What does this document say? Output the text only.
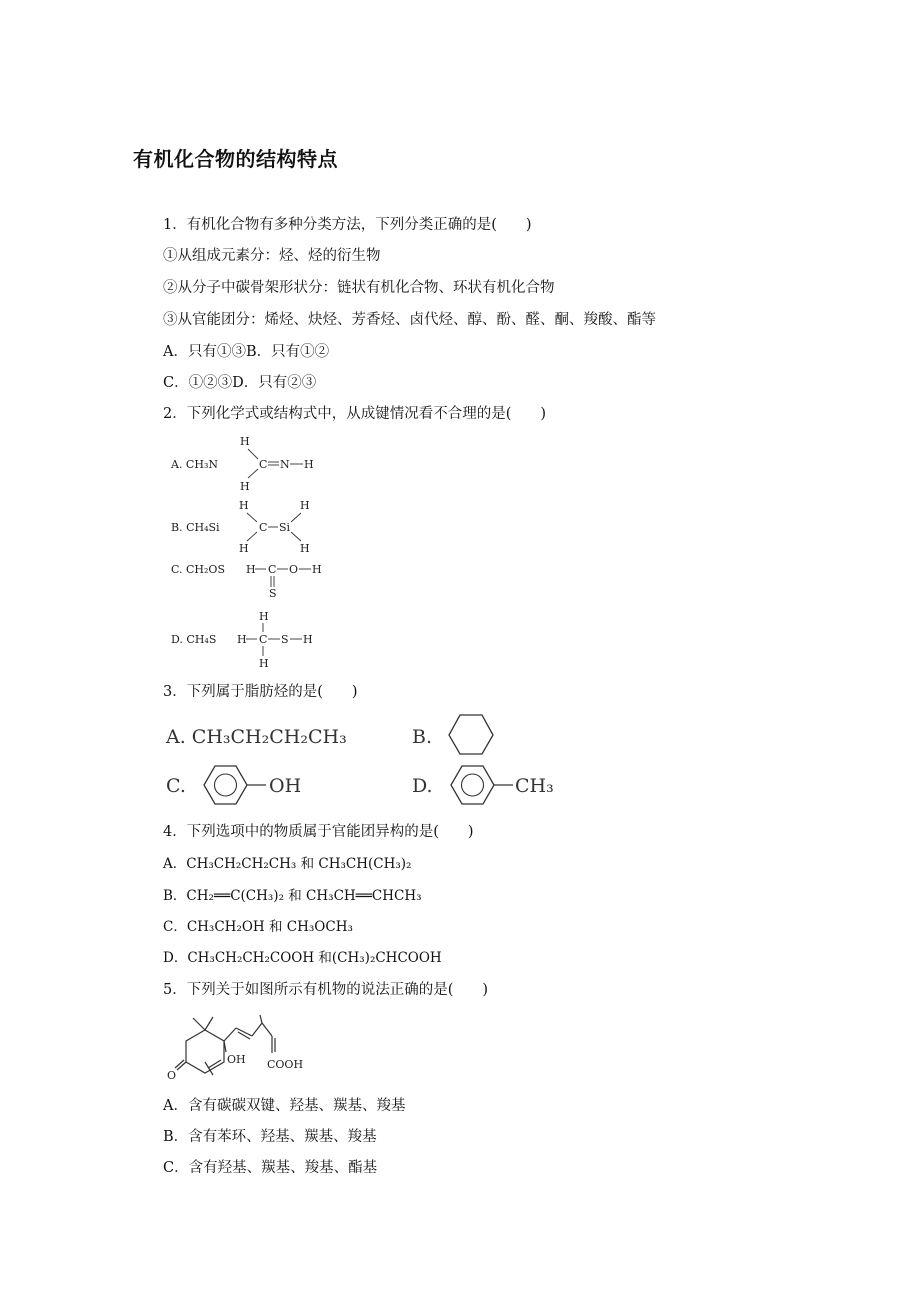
有机化合物的结构特点
1．有机化合物有多种分类方法，下列分类正确的是(　　)
①从组成元素分：烃、烃的衍生物
②从分子中碳骨架形状分：链状有机化合物、环状有机化合物
③从官能团分：烯烃、炔烃、芳香烃、卤代烃、醇、酚、醛、酮、羧酸、酯等
A．只有①③B．只有①②
C．①②③D．只有②③
2．下列化学式或结构式中，从成键情况看不合理的是(　　)
A. CH₃N
H
H
C N H
B. CH₄Si
H
H
C Si
H
H
C. CH₂OS H C O H
S
D. CH₄S
H
H
H C S H
3．下列属于脂肪烃的是(　　)
A. CH₃CH₂CH₂CH₃	B.
C.	OH	D.	CH₃
4．下列选项中的物质属于官能团异构的是(　　)
A．CH₃CH₂CH₂CH₃ 和 CH₃CH(CH₃)₂
B．CH₂══C(CH₃)₂ 和 CH₃CH══CHCH₃
C．CH₃CH₂OH 和 CH₃OCH₃
D．CH₃CH₂CH₂COOH 和(CH₃)₂CHCOOH
5．下列关于如图所示有机物的说法正确的是(　　)
OH COOH
O
A．含有碳碳双键、羟基、羰基、羧基
B．含有苯环、羟基、羰基、羧基
C．含有羟基、羰基、羧基、酯基
